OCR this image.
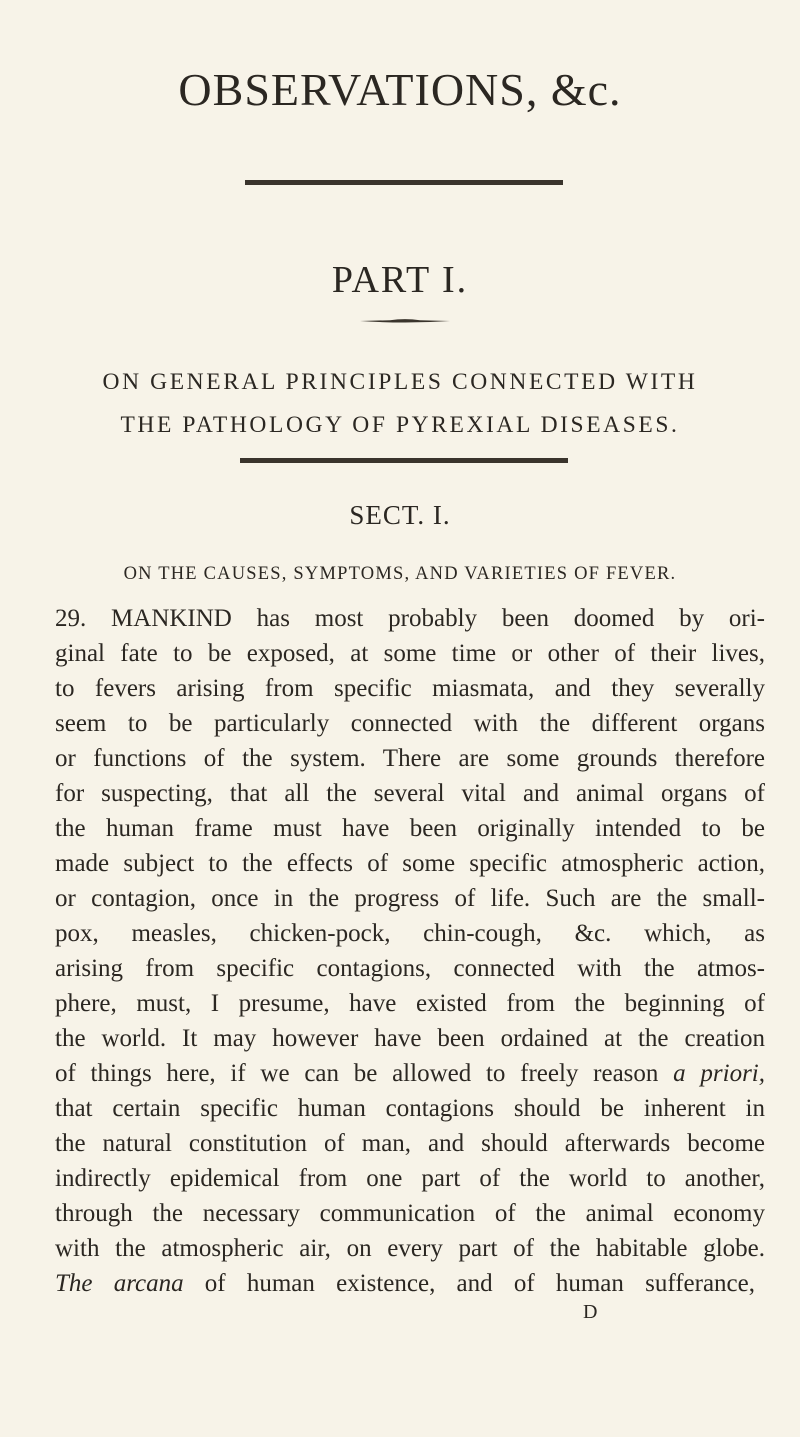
OBSERVATIONS, &c.
PART I.
ON GENERAL PRINCIPLES CONNECTED WITH
THE PATHOLOGY OF PYREXIAL DISEASES.
SECT. I.
ON THE CAUSES, SYMPTOMS, AND VARIETIES OF FEVER.
29. MANKIND has most probably been doomed by ori-
ginal fate to be exposed, at some time or other of their lives,
to fevers arising from specific miasmata, and they severally
seem to be particularly connected with the different organs
or functions of the system. There are some grounds therefore
for suspecting, that all the several vital and animal organs of
the human frame must have been originally intended to be
made subject to the effects of some specific atmospheric action,
or contagion, once in the progress of life. Such are the small-
pox, measles, chicken-pock, chin-cough, &c. which, as
arising from specific contagions, connected with the atmos-
phere, must, I presume, have existed from the beginning of
the world. It may however have been ordained at the creation
of things here, if we can be allowed to freely reason a priori,
that certain specific human contagions should be inherent in
the natural constitution of man, and should afterwards become
indirectly epidemical from one part of the world to another,
through the necessary communication of the animal economy
with the atmospheric air, on every part of the habitable globe.
The arcana of human existence, and of human sufferance,
D
